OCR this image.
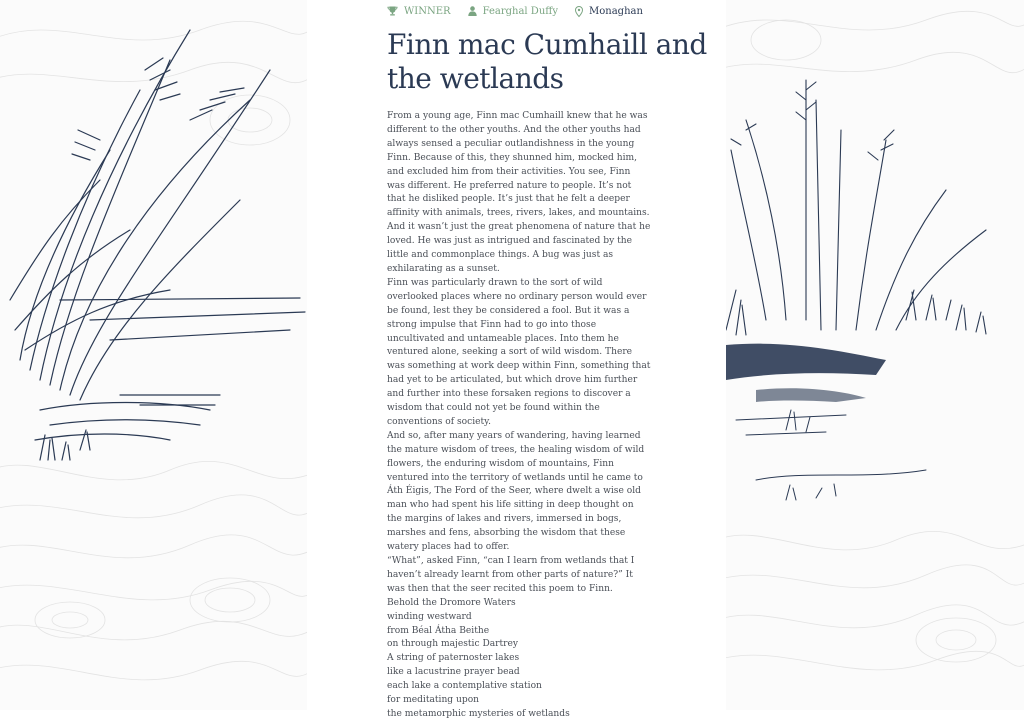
WINNER	Fearghal Duffy	Monaghan
Finn mac Cumhaill and the wetlands

From a young age, Finn mac Cumhaill knew that he was different to the other youths. And the other youths had always sensed a peculiar outlandishness in the young Finn. Because of this, they shunned him, mocked him, and excluded him from their activities. You see, Finn was different. He preferred nature to people. It’s not that he disliked people. It’s just that he felt a deeper affinity with animals, trees, rivers, lakes, and mountains. And it wasn’t just the great phenomena of nature that he loved. He was just as intrigued and fascinated by the little and commonplace things. A bug was just as exhilarating as a sunset.

Finn was particularly drawn to the sort of wild overlooked places where no ordinary person would ever be found, lest they be considered a fool. But it was a strong impulse that Finn had to go into those uncultivated and untameable places. Into them he ventured alone, seeking a sort of wild wisdom. There was something at work deep within Finn, something that had yet to be articulated, but which drove him further and further into these forsaken regions to discover a wisdom that could not yet be found within the conventions of society.

And so, after many years of wandering, having learned the mature wisdom of trees, the healing wisdom of wild flowers, the enduring wisdom of mountains, Finn ventured into the territory of wetlands until he came to Áth Éigis, The Ford of the Seer, where dwelt a wise old man who had spent his life sitting in deep thought on the margins of lakes and rivers, immersed in bogs, marshes and fens, absorbing the wisdom that these watery places had to offer.

“What”, asked Finn, “can I learn from wetlands that I haven’t already learnt from other parts of nature?” It was then that the seer recited this poem to Finn.

Behold the Dromore Waters
winding westward
from Béal Átha Beithe
on through majestic Dartrey
A string of paternoster lakes
like a lacustrine prayer bead
each lake a contemplative station
for meditating upon
the metamorphic mysteries of wetlands
